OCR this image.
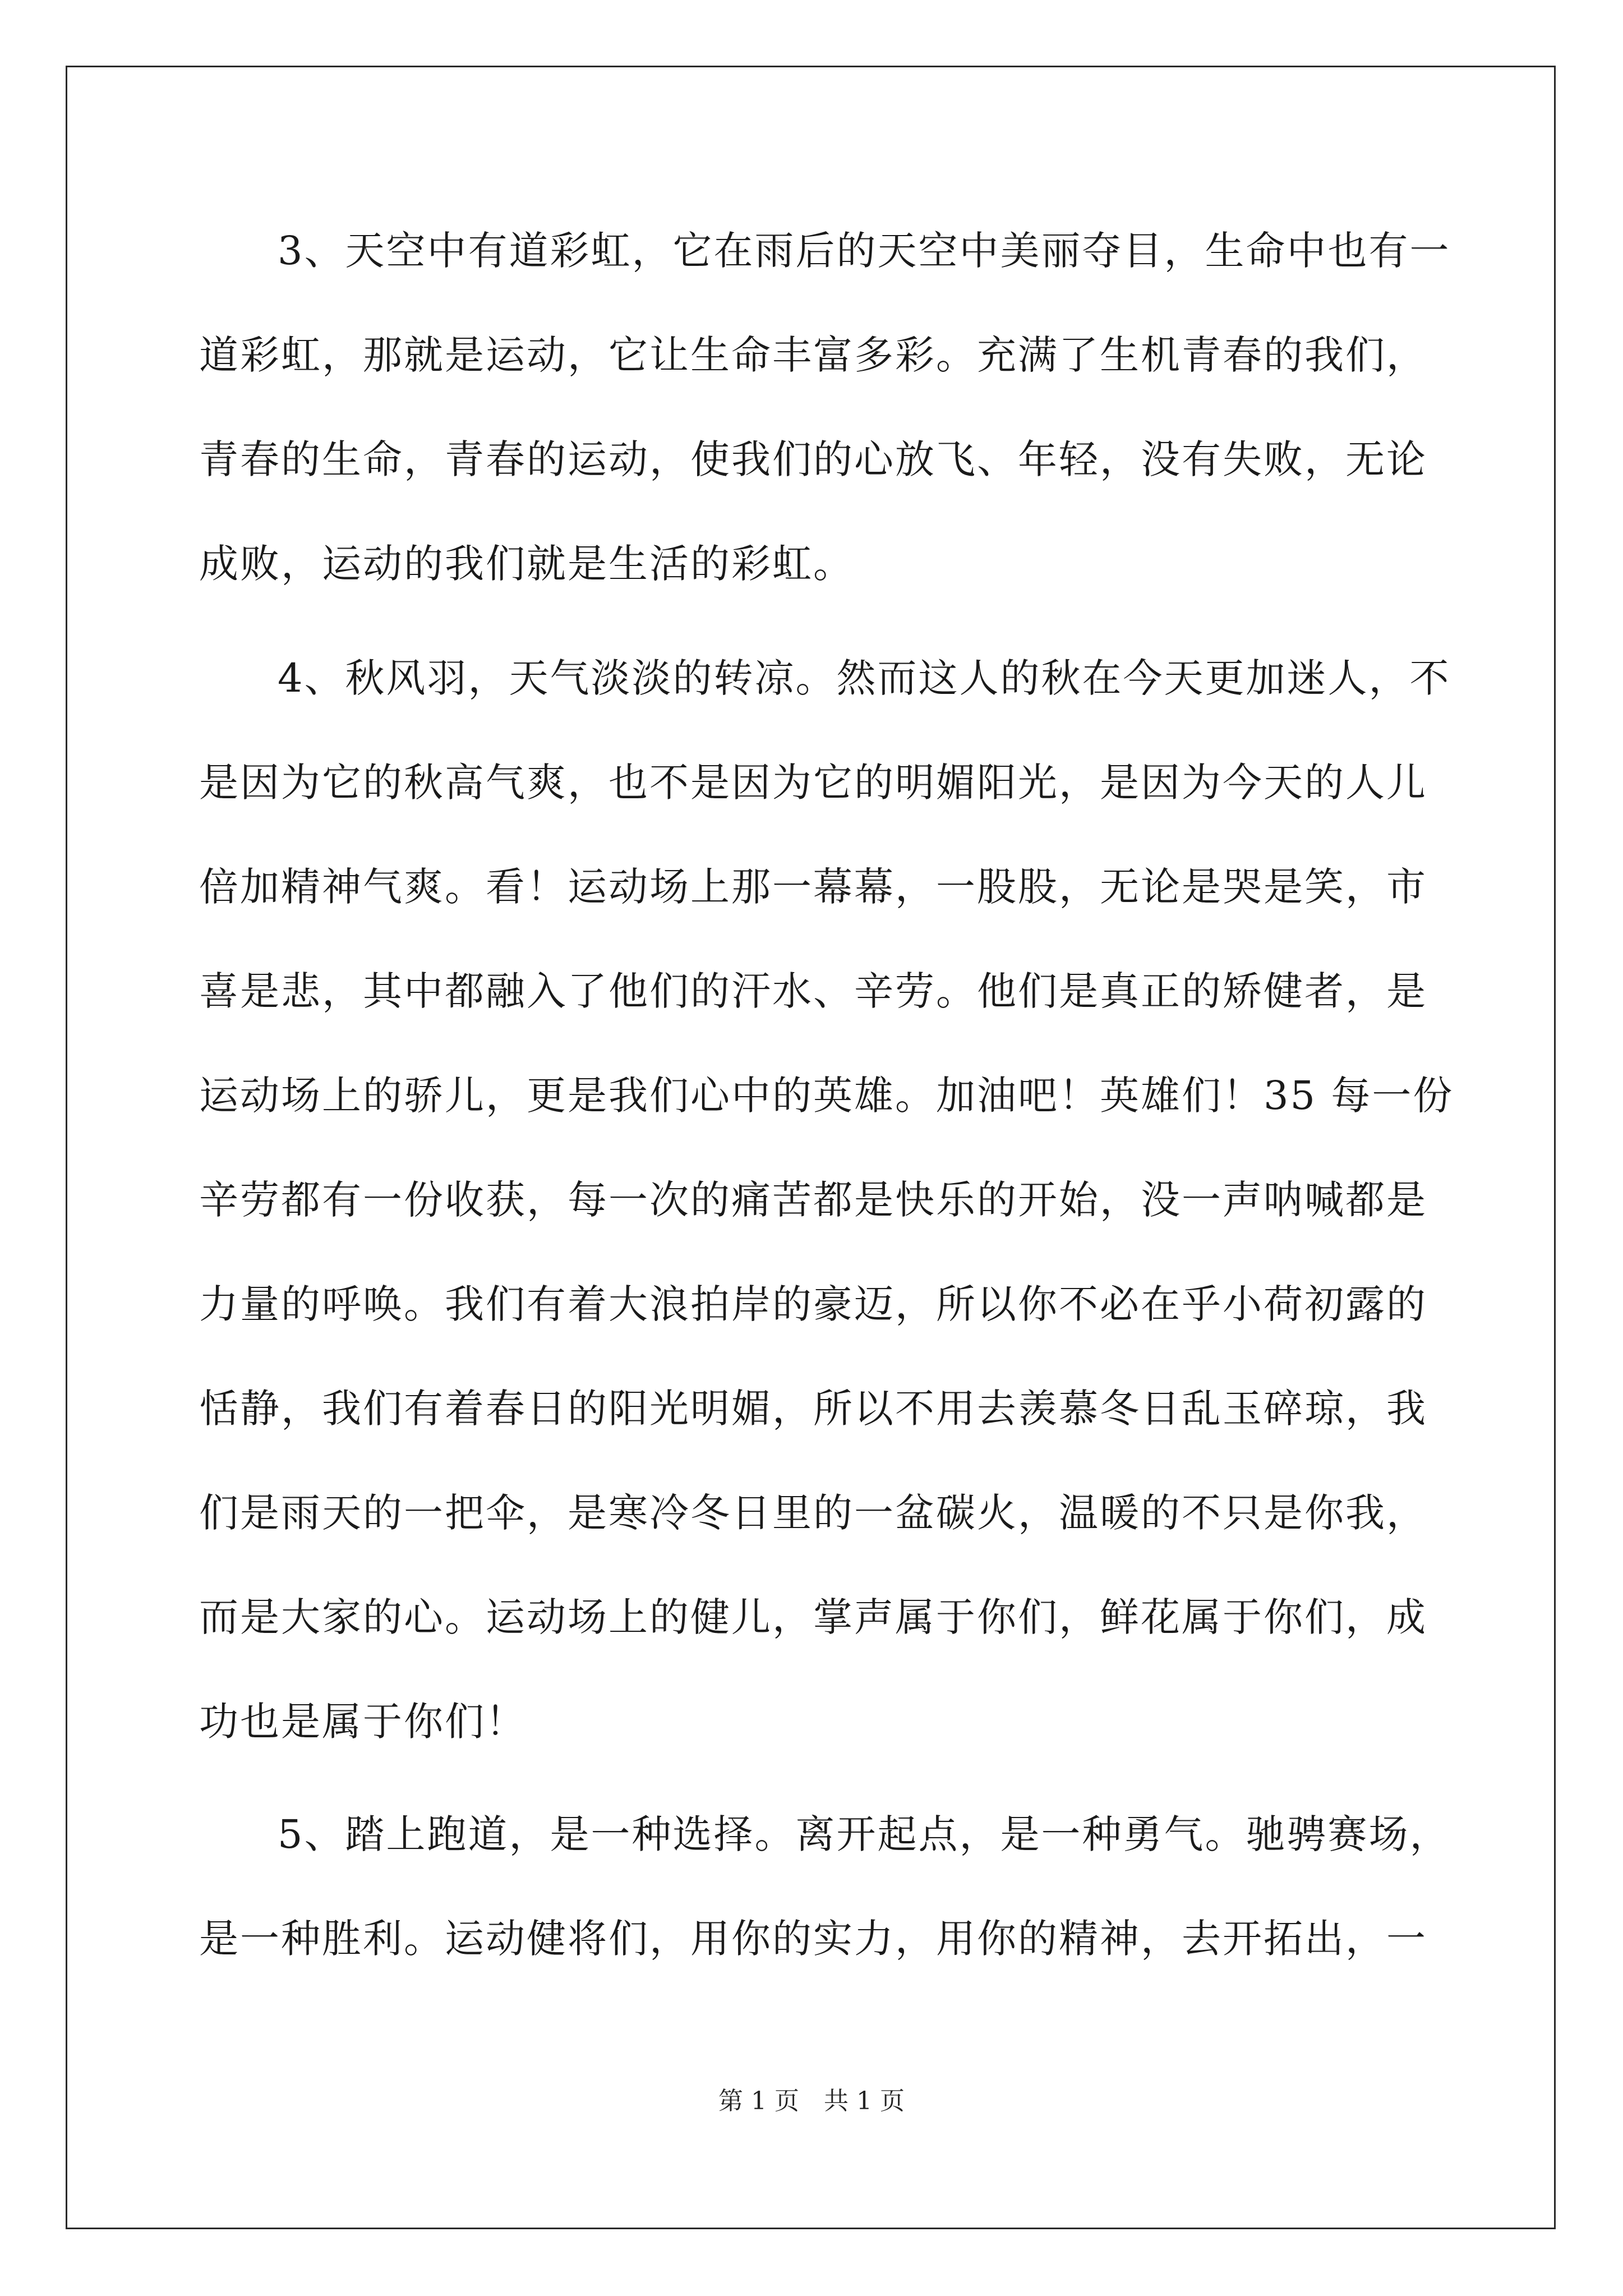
3、天空中有道彩虹，它在雨后的天空中美丽夺目，生命中也有一
道彩虹，那就是运动，它让生命丰富多彩。充满了生机青春的我们，
青春的生命，青春的运动，使我们的心放飞、年轻，没有失败，无论
成败，运动的我们就是生活的彩虹。
4、秋风羽，天气淡淡的转凉。然而这人的秋在今天更加迷人，不
是因为它的秋高气爽，也不是因为它的明媚阳光，是因为今天的人儿
倍加精神气爽。看！运动场上那一幕幕，一股股，无论是哭是笑，市
喜是悲，其中都融入了他们的汗水、辛劳。他们是真正的矫健者，是
运动场上的骄儿，更是我们心中的英雄。加油吧！英雄们！35 每一份
辛劳都有一份收获，每一次的痛苦都是快乐的开始，没一声呐喊都是
力量的呼唤。我们有着大浪拍岸的豪迈，所以你不必在乎小荷初露的
恬静，我们有着春日的阳光明媚，所以不用去羡慕冬日乱玉碎琼，我
们是雨天的一把伞，是寒冷冬日里的一盆碳火，温暖的不只是你我，
而是大家的心。运动场上的健儿，掌声属于你们，鲜花属于你们，成
功也是属于你们！
5、踏上跑道，是一种选择。离开起点，是一种勇气。驰骋赛场，
是一种胜利。运动健将们，用你的实力，用你的精神，去开拓出，一
第 1 页　共 1 页
